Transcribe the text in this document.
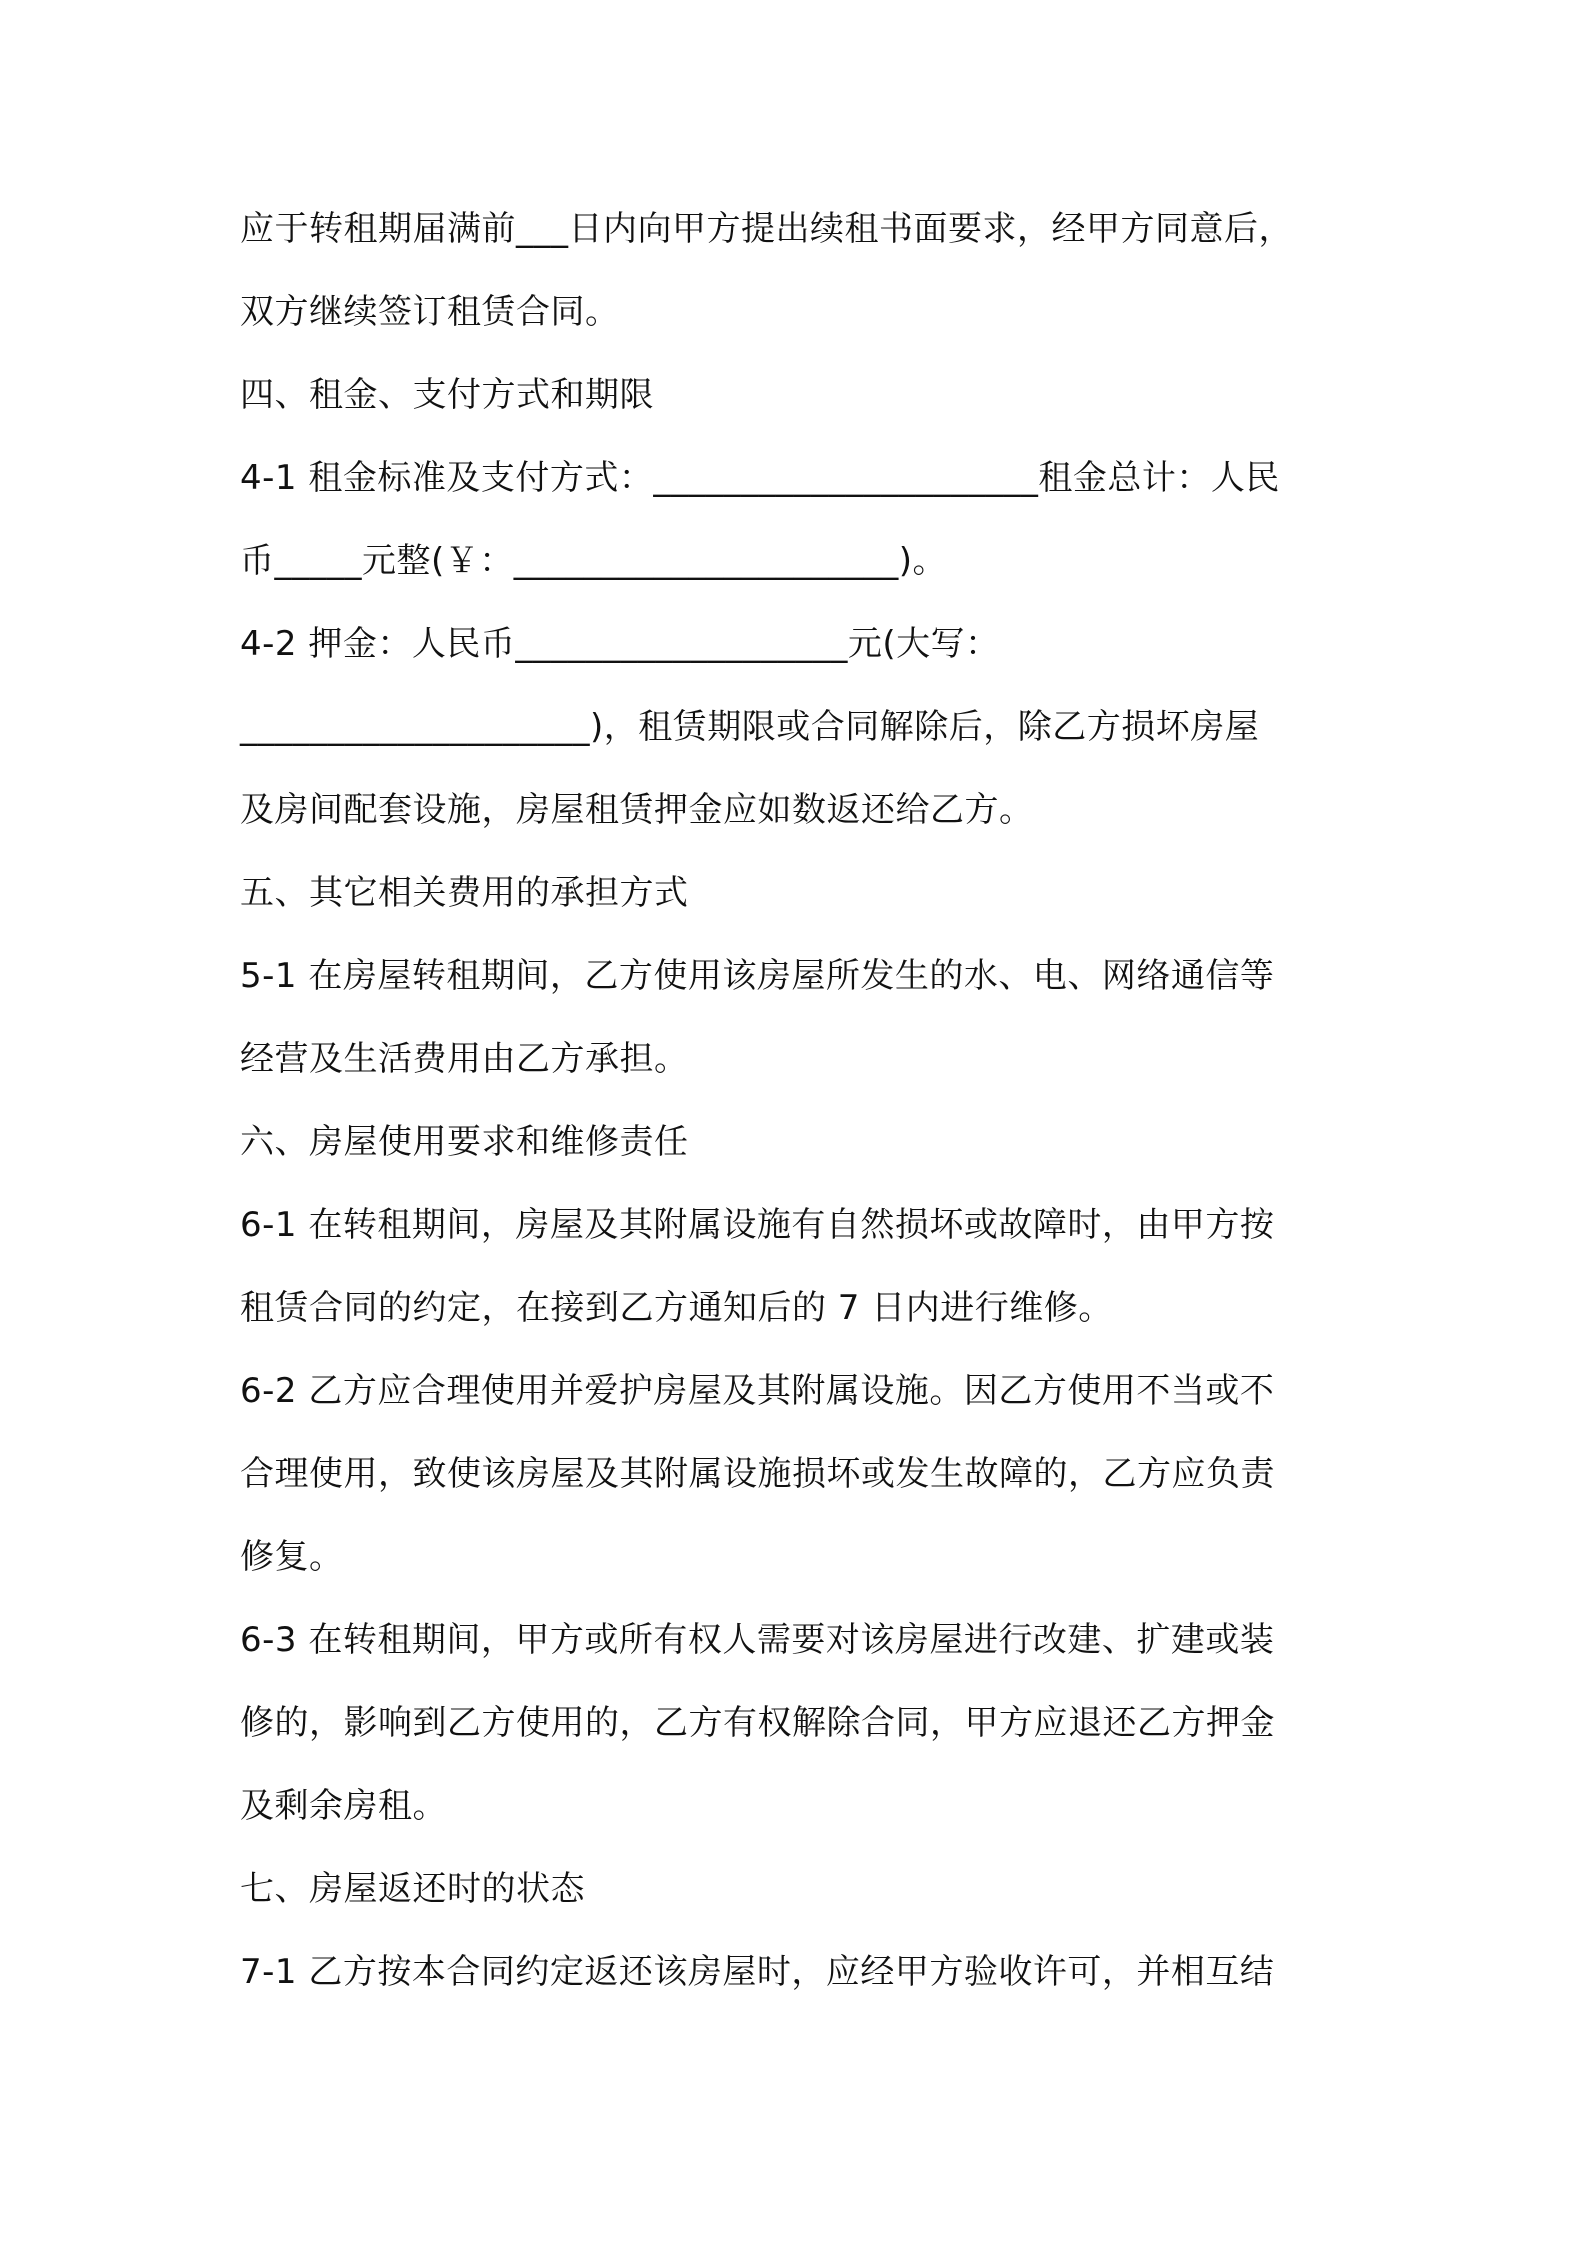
应于转租期届满前___日内向甲方提出续租书面要求，经甲方同意后，

双方继续签订租赁合同。

四、租金、支付方式和期限

4-1 租金标准及支付方式：______________________租金总计：人民

币_____元整(￥：______________________)。

4-2 押金：人民币___________________元(大写：

____________________)，租赁期限或合同解除后，除乙方损坏房屋

及房间配套设施，房屋租赁押金应如数返还给乙方。

五、其它相关费用的承担方式

5-1 在房屋转租期间，乙方使用该房屋所发生的水、电、网络通信等

经营及生活费用由乙方承担。

六、房屋使用要求和维修责任

6-1 在转租期间，房屋及其附属设施有自然损坏或故障时，由甲方按

租赁合同的约定，在接到乙方通知后的 7 日内进行维修。

6-2 乙方应合理使用并爱护房屋及其附属设施。因乙方使用不当或不

合理使用，致使该房屋及其附属设施损坏或发生故障的，乙方应负责

修复。

6-3 在转租期间，甲方或所有权人需要对该房屋进行改建、扩建或装

修的，影响到乙方使用的，乙方有权解除合同，甲方应退还乙方押金

及剩余房租。

七、房屋返还时的状态

7-1 乙方按本合同约定返还该房屋时，应经甲方验收许可，并相互结
